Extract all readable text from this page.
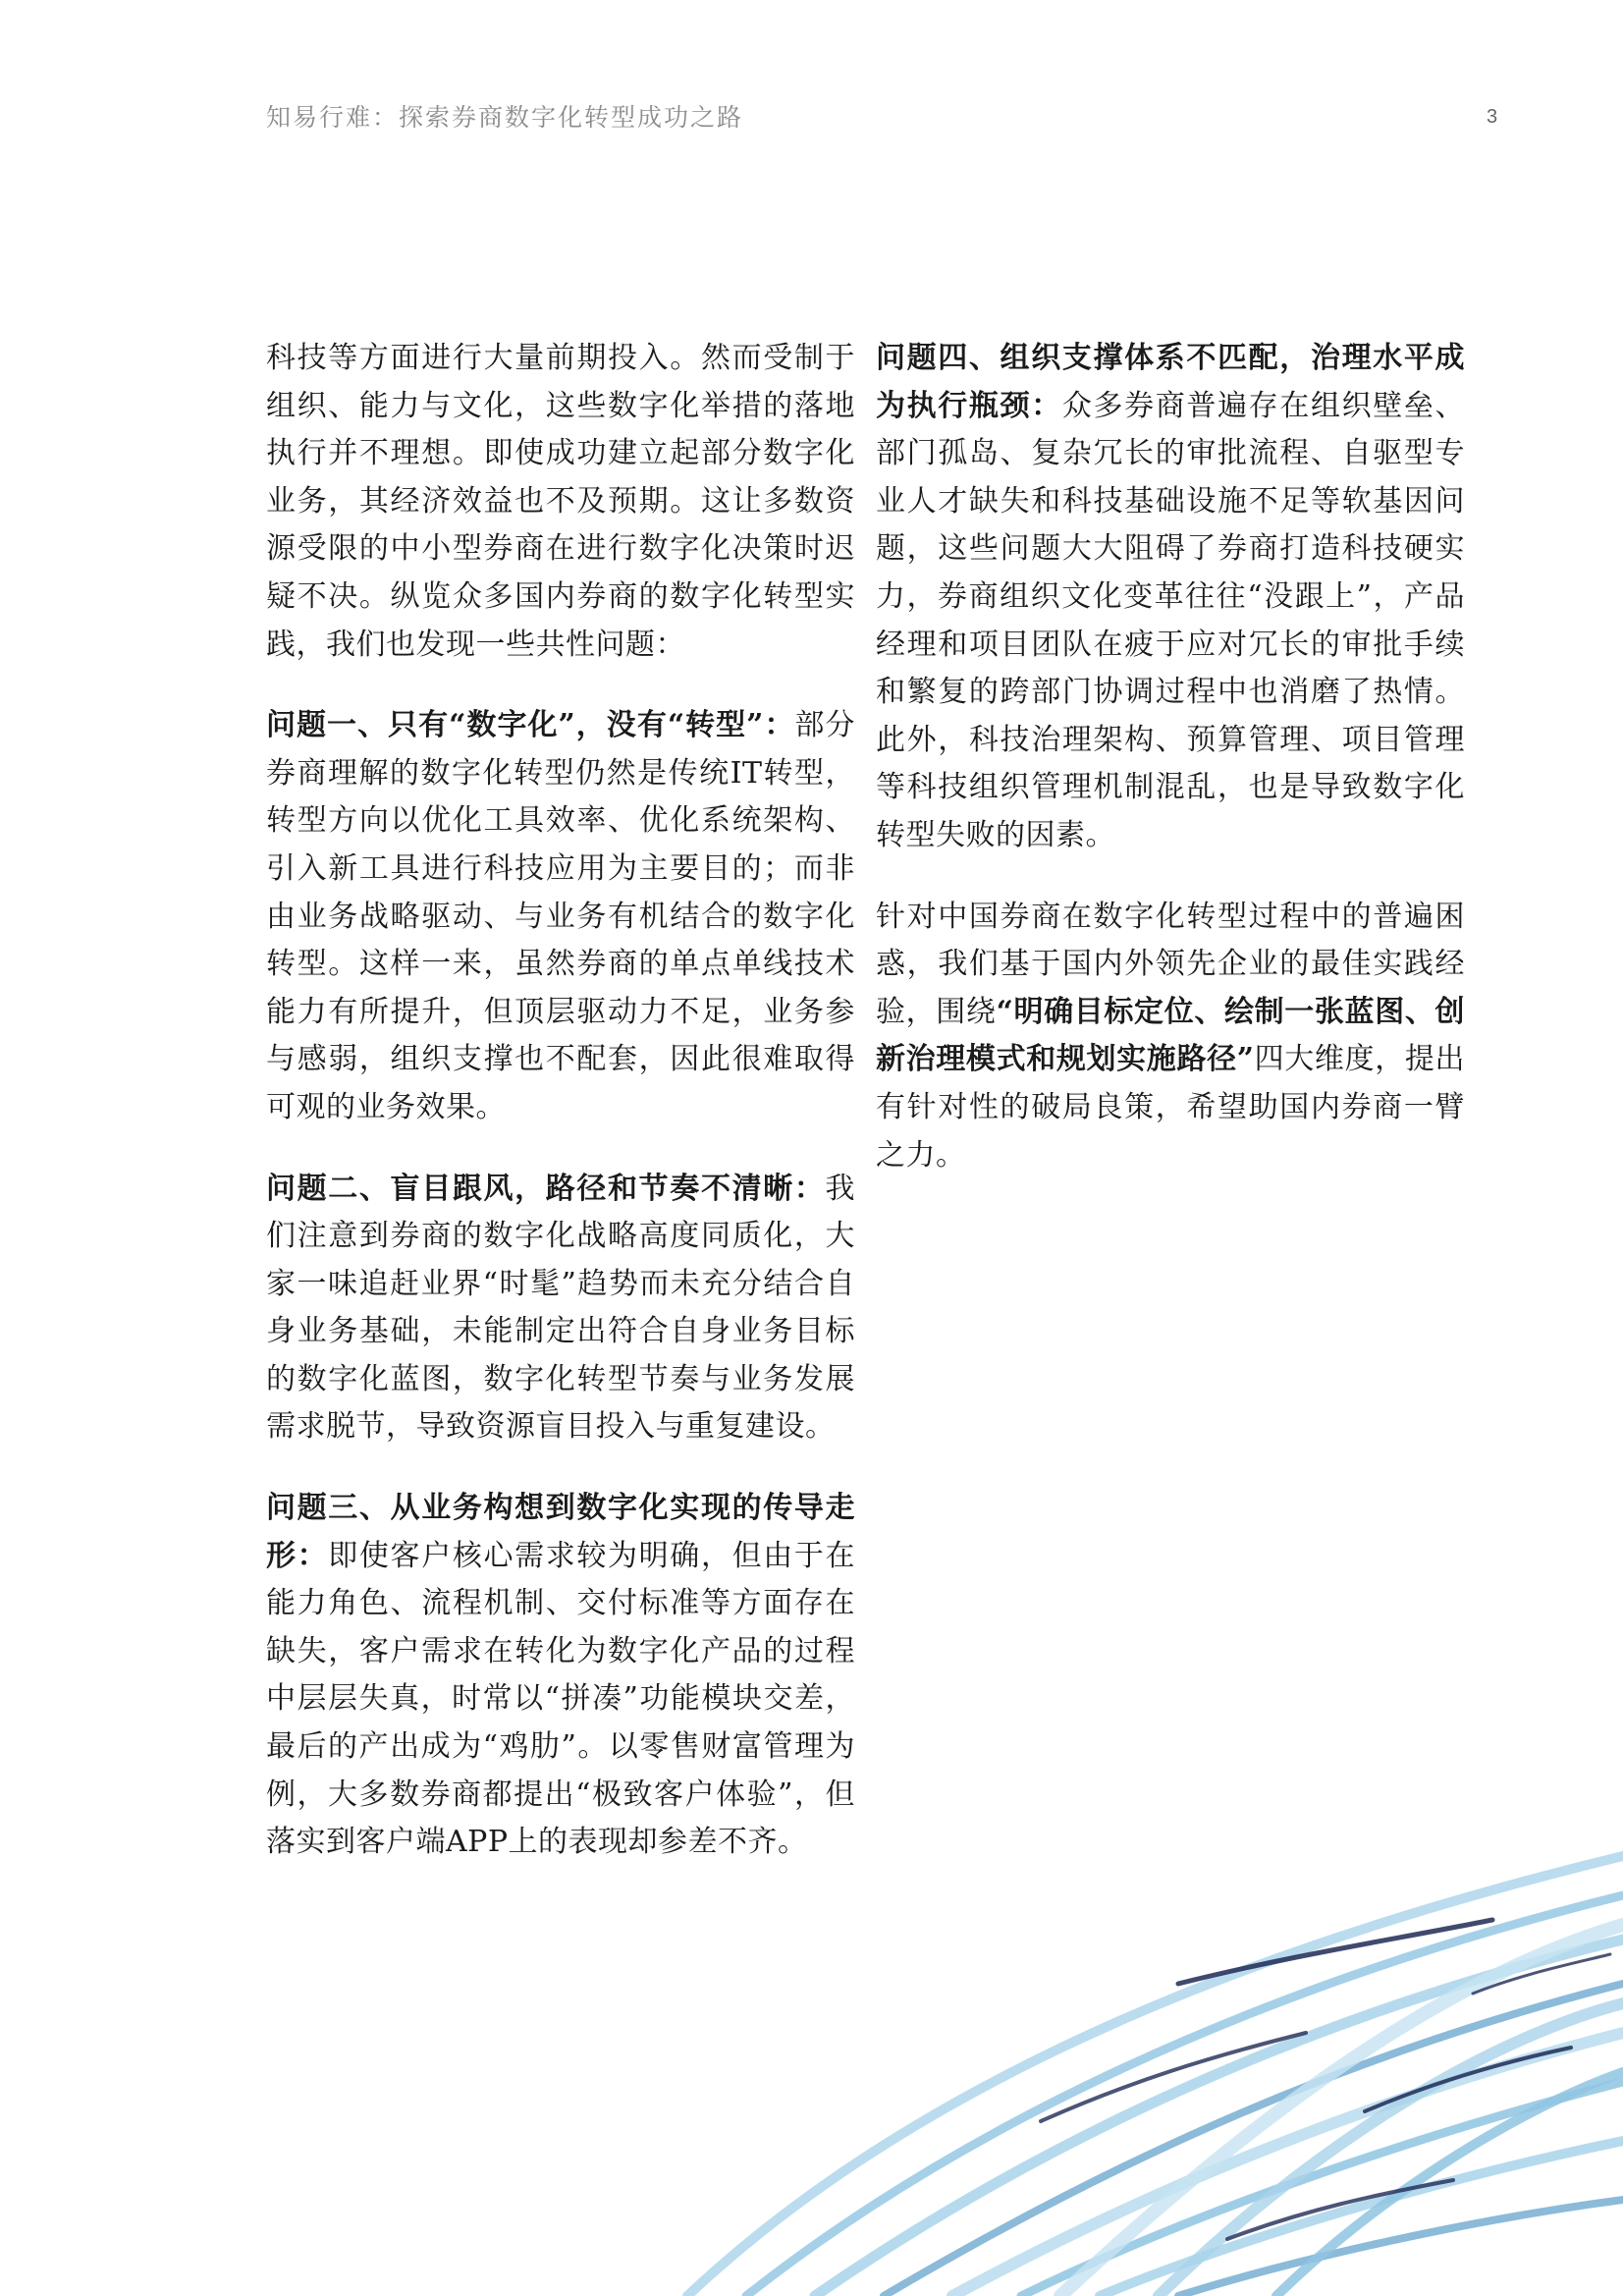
知易行难：探索券商数字化转型成功之路	3

科技等方面进行大量前期投入。然而受制于组织、能力与文化，这些数字化举措的落地执行并不理想。即使成功建立起部分数字化业务，其经济效益也不及预期。这让多数资源受限的中小型券商在进行数字化决策时迟疑不决。纵览众多国内券商的数字化转型实践，我们也发现一些共性问题：

问题一、只有“数字化”，没有“转型”：部分券商理解的数字化转型仍然是传统IT转型，转型方向以优化工具效率、优化系统架构、引入新工具进行科技应用为主要目的；而非由业务战略驱动、与业务有机结合的数字化转型。这样一来，虽然券商的单点单线技术能力有所提升，但顶层驱动力不足，业务参与感弱，组织支撑也不配套，因此很难取得可观的业务效果。

问题二、盲目跟风，路径和节奏不清晰：我们注意到券商的数字化战略高度同质化，大家一味追赶业界“时髦”趋势而未充分结合自身业务基础，未能制定出符合自身业务目标的数字化蓝图，数字化转型节奏与业务发展需求脱节，导致资源盲目投入与重复建设。

问题三、从业务构想到数字化实现的传导走形：即使客户核心需求较为明确，但由于在能力角色、流程机制、交付标准等方面存在缺失，客户需求在转化为数字化产品的过程中层层失真，时常以“拼凑”功能模块交差，最后的产出成为“鸡肋”。以零售财富管理为例，大多数券商都提出“极致客户体验”，但落实到客户端APP上的表现却参差不齐。

问题四、组织支撑体系不匹配，治理水平成为执行瓶颈：众多券商普遍存在组织壁垒、部门孤岛、复杂冗长的审批流程、自驱型专业人才缺失和科技基础设施不足等软基因问题，这些问题大大阻碍了券商打造科技硬实力，券商组织文化变革往往“没跟上”，产品经理和项目团队在疲于应对冗长的审批手续和繁复的跨部门协调过程中也消磨了热情。此外，科技治理架构、预算管理、项目管理等科技组织管理机制混乱，也是导致数字化转型失败的因素。

针对中国券商在数字化转型过程中的普遍困惑，我们基于国内外领先企业的最佳实践经验，围绕“明确目标定位、绘制一张蓝图、创新治理模式和规划实施路径”四大维度，提出有针对性的破局良策，希望助国内券商一臂之力。
